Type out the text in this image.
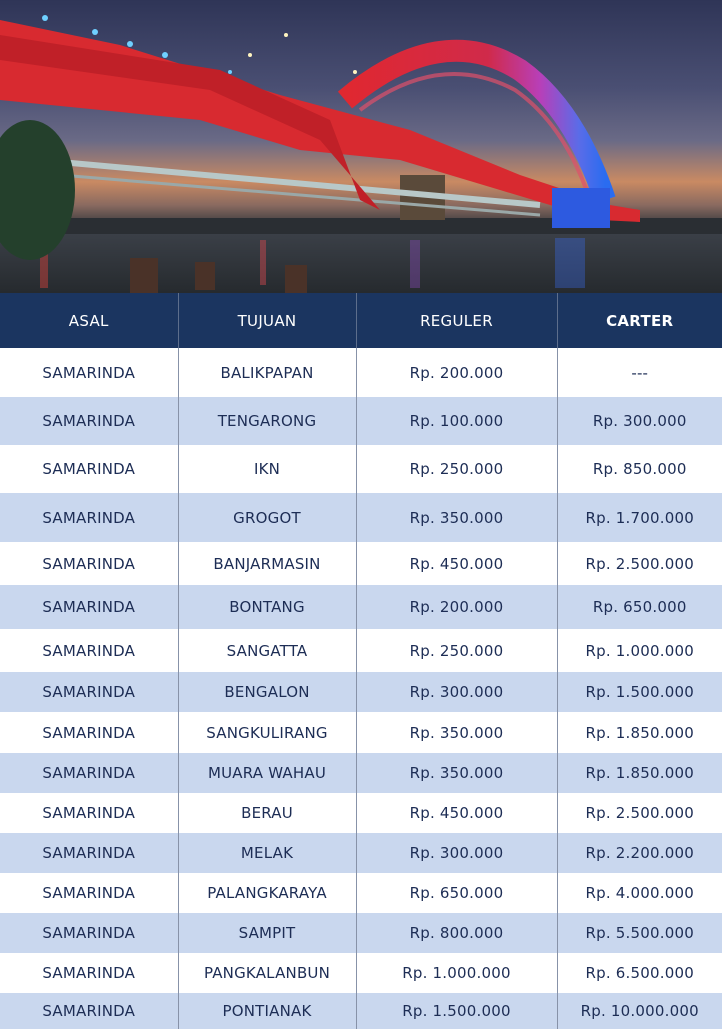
ASAL	TUJUAN	REGULER	CARTER
SAMARINDA	BALIKPAPAN	Rp. 200.000	---
SAMARINDA	TENGARONG	Rp. 100.000	Rp. 300.000
SAMARINDA	IKN	Rp. 250.000	Rp. 850.000
SAMARINDA	GROGOT	Rp. 350.000	Rp. 1.700.000
SAMARINDA	BANJARMASIN	Rp. 450.000	Rp. 2.500.000
SAMARINDA	BONTANG	Rp. 200.000	Rp. 650.000
SAMARINDA	SANGATTA	Rp. 250.000	Rp. 1.000.000
SAMARINDA	BENGALON	Rp. 300.000	Rp. 1.500.000
SAMARINDA	SANGKULIRANG	Rp. 350.000	Rp. 1.850.000
SAMARINDA	MUARA WAHAU	Rp. 350.000	Rp. 1.850.000
SAMARINDA	BERAU	Rp. 450.000	Rp. 2.500.000
SAMARINDA	MELAK	Rp. 300.000	Rp. 2.200.000
SAMARINDA	PALANGKARAYA	Rp. 650.000	Rp. 4.000.000
SAMARINDA	SAMPIT	Rp. 800.000	Rp. 5.500.000
SAMARINDA	PANGKALANBUN	Rp. 1.000.000	Rp. 6.500.000
SAMARINDA	PONTIANAK	Rp. 1.500.000	Rp. 10.000.000
